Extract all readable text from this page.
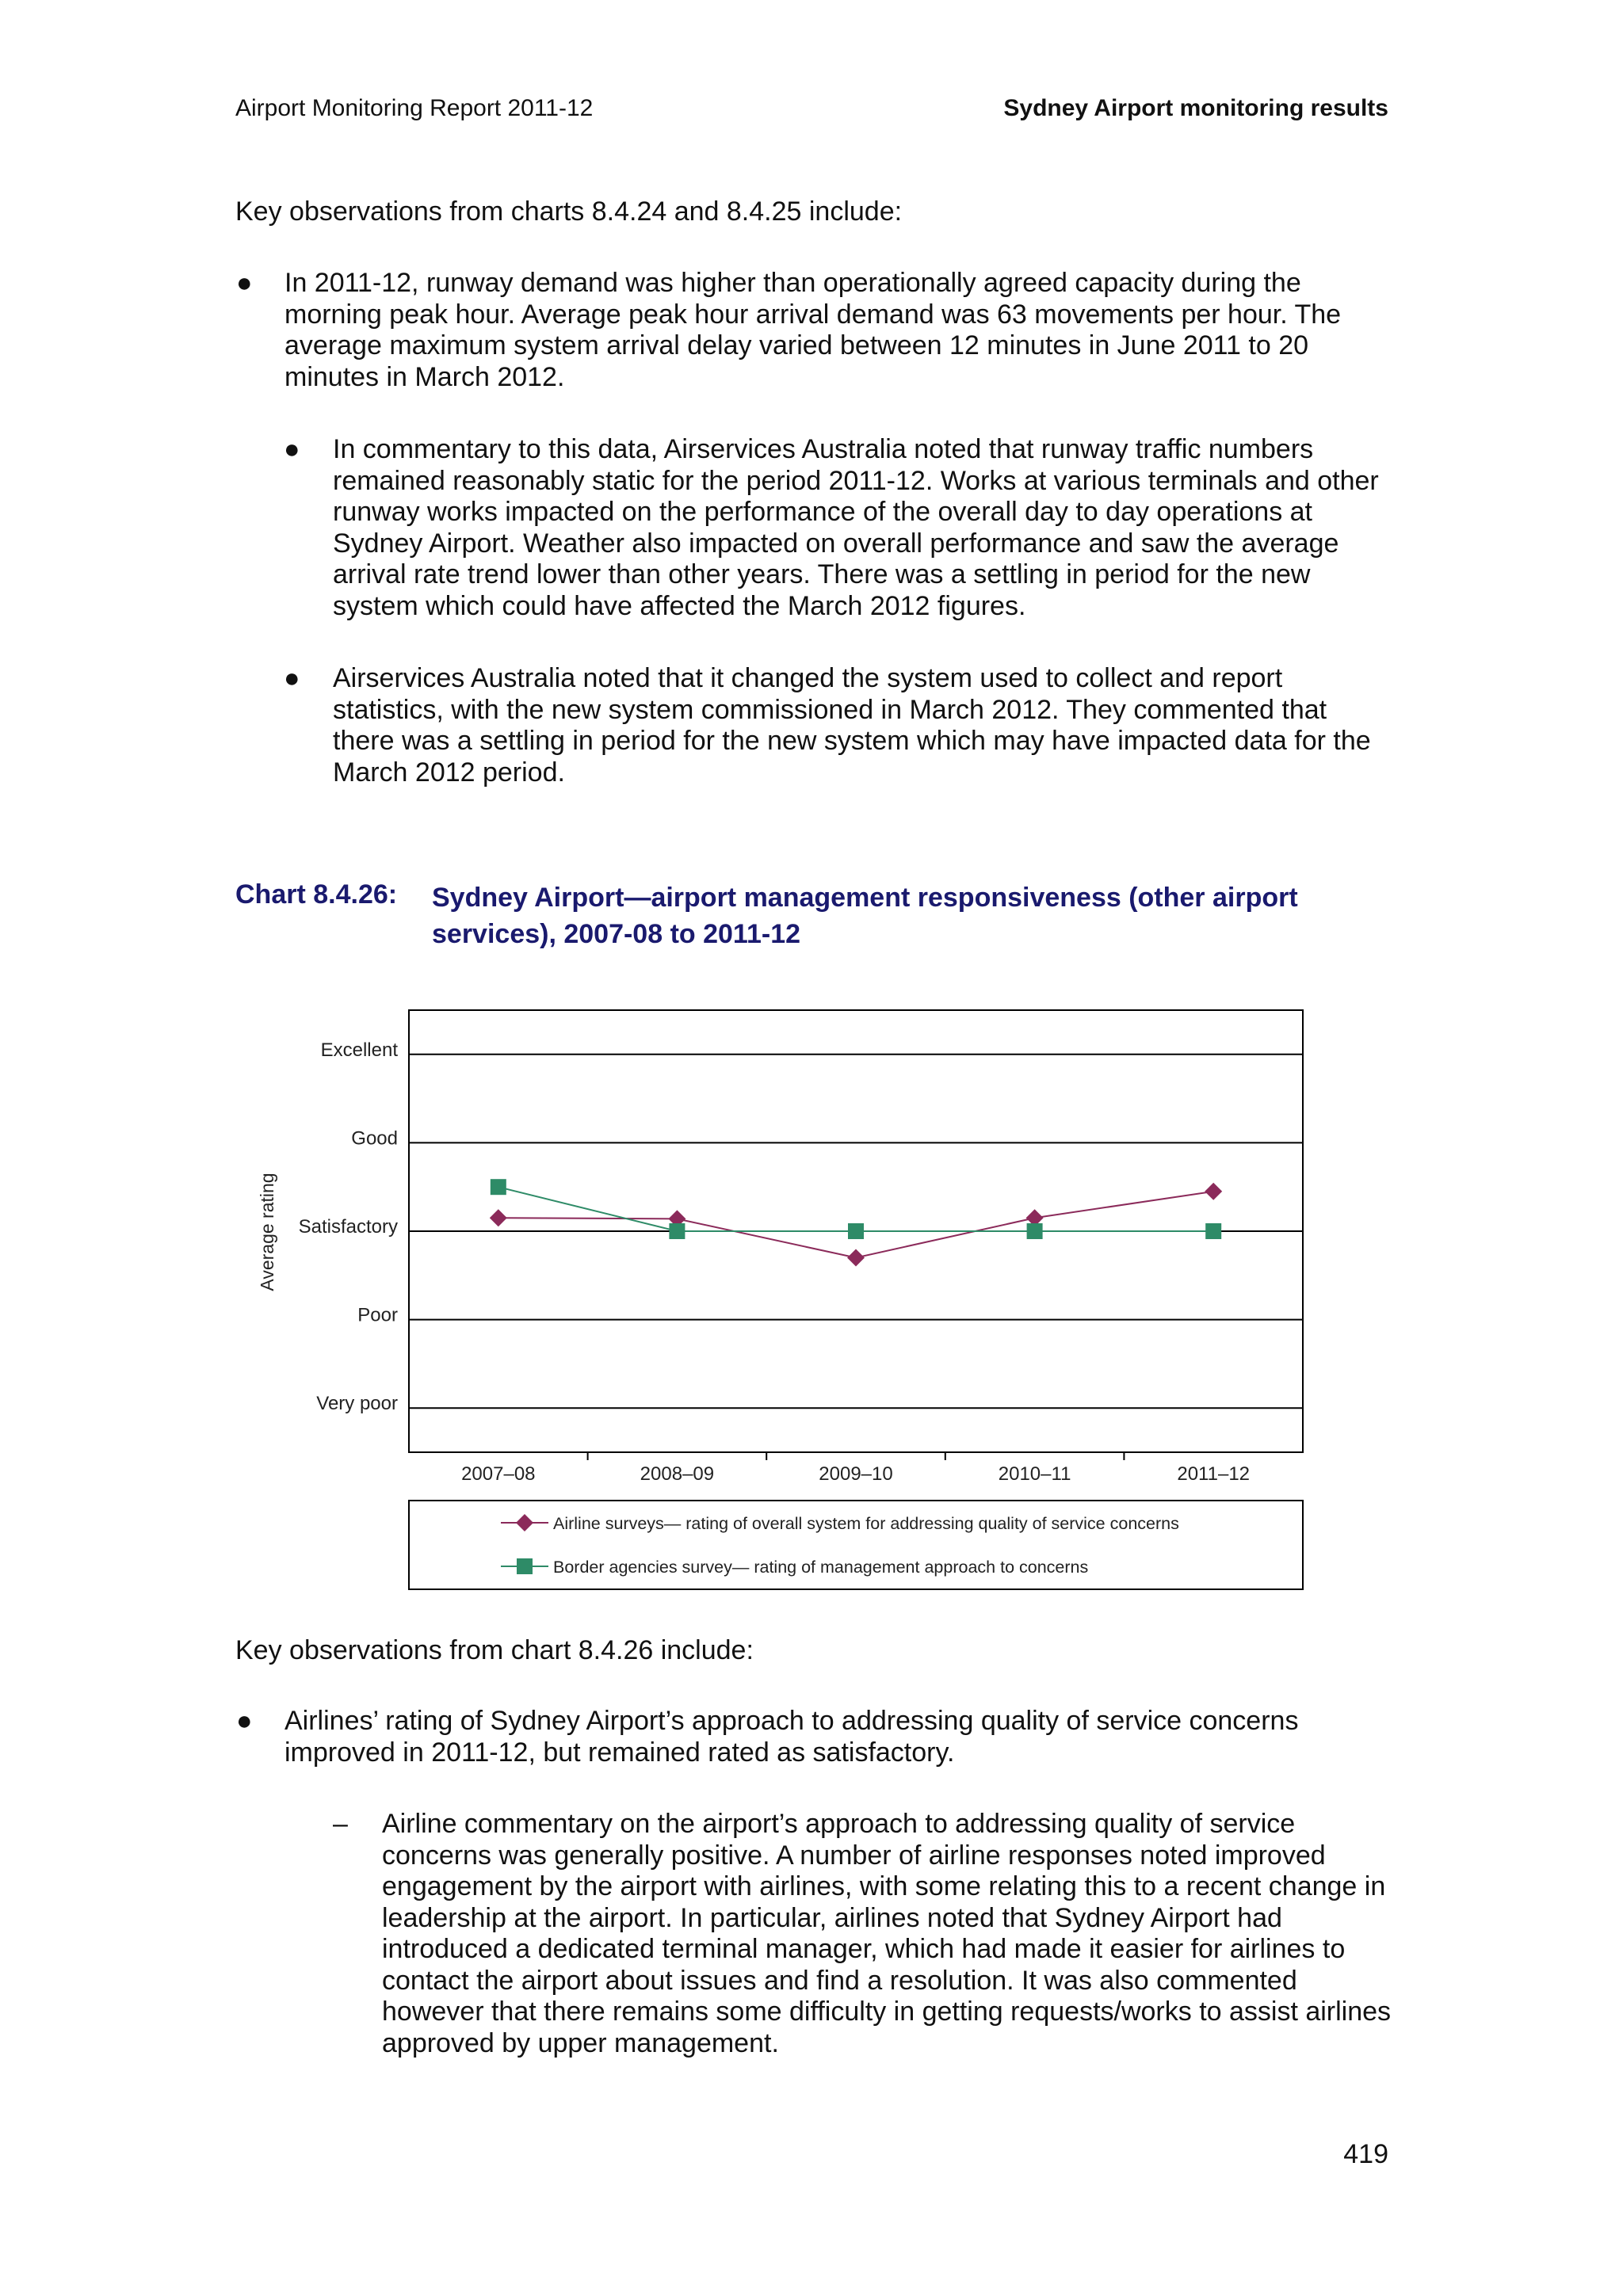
Airport Monitoring Report 2011-12	Sydney Airport monitoring results
Key observations from charts 8.4.24 and 8.4.25 include:
● In 2011-12, runway demand was higher than operationally agreed capacity during the morning peak hour. Average peak hour arrival demand was 63 movements per hour. The average maximum system arrival delay varied between 12 minutes in June 2011 to 20 minutes in March 2012.

● In commentary to this data, Airservices Australia noted that runway traffic numbers remained reasonably static for the period 2011-12. Works at various terminals and other runway works impacted on the performance of the overall day to day operations at Sydney Airport. Weather also impacted on overall performance and saw the average arrival rate trend lower than other years. There was a settling in period for the new system which could have affected the March 2012 figures.

● Airservices Australia noted that it changed the system used to collect and report statistics, with the new system commissioned in March 2012. They commented that there was a settling in period for the new system which may have impacted data for the March 2012 period.

Chart 8.4.26: Sydney Airport—airport management responsiveness (other airport services), 2007-08 to 2011-12
Very poor
Poor
Satisfactory
Good
Excellent
Average rating
2007–08	2008–09	2009–10	2010–11	2011–12
Airline surveys— rating of overall system for addressing quality of service concerns
Border agencies survey— rating of management approach to concerns
Key observations from chart 8.4.26 include:
● Airlines’ rating of Sydney Airport’s approach to addressing quality of service concerns improved in 2011-12, but remained rated as satisfactory.

– Airline commentary on the airport’s approach to addressing quality of service concerns was generally positive. A number of airline responses noted improved engagement by the airport with airlines, with some relating this to a recent change in leadership at the airport. In particular, airlines noted that Sydney Airport had introduced a dedicated terminal manager, which had made it easier for airlines to contact the airport about issues and find a resolution. It was also commented however that there remains some difficulty in getting requests/works to assist airlines approved by upper management.

419
